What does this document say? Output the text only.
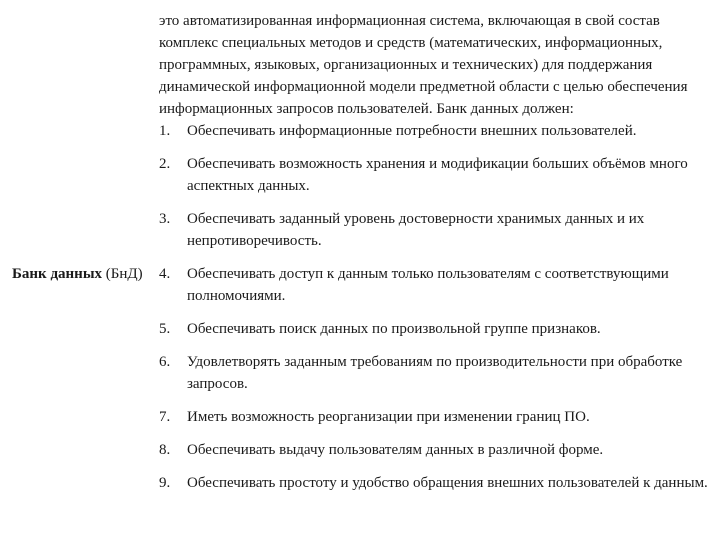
Банк данных (БнД)

это автоматизированная информационная система, включающая в свой состав комплекс специальных методов и средств (математических, информационных, программных, языковых, организационных и технических) для поддержания динамической информационной модели предметной области с целью обеспечения информационных запросов пользователей. Банк данных должен:

1.	Обеспечивать информационные потребности внешних пользователей.
2.	Обеспечивать возможность хранения и модификации больших объёмов много аспектных данных.
3.	Обеспечивать заданный уровень достоверности хранимых данных и их непротиворечивость.
4.	Обеспечивать доступ к данным только пользователям с соответствующими полномочиями.
5.	Обеспечивать поиск данных по произвольной группе признаков.
6.	Удовлетворять заданным требованиям по производительности при обработке запросов.
7.	Иметь возможность реорганизации при изменении границ ПО.
8.	Обеспечивать выдачу пользователям данных в различной форме.
9.	Обеспечивать простоту и удобство обращения внешних пользователей к данным.
